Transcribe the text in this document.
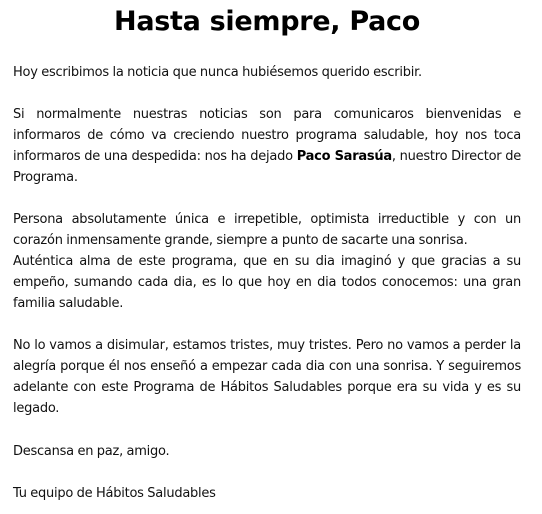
Hasta siempre, Paco

Hoy escribimos la noticia que nunca hubiésemos querido escribir.

Si normalmente nuestras noticias son para comunicaros bienvenidas e informaros de cómo va creciendo nuestro programa saludable, hoy nos toca informaros de una despedida: nos ha dejado Paco Sarasúa, nuestro Director de Programa.

Persona absolutamente única e irrepetible, optimista irreductible y con un corazón inmensamente grande, siempre a punto de sacarte una sonrisa.

Auténtica alma de este programa, que en su dia imaginó y que gracias a su empeño, sumando cada dia, es lo que hoy en dia todos conocemos: una gran familia saludable.

No lo vamos a disimular, estamos tristes, muy tristes. Pero no vamos a perder la alegría porque él nos enseñó a empezar cada dia con una sonrisa. Y seguiremos adelante con este Programa de Hábitos Saludables porque era su vida y es su legado.

Descansa en paz, amigo.

Tu equipo de Hábitos Saludables
